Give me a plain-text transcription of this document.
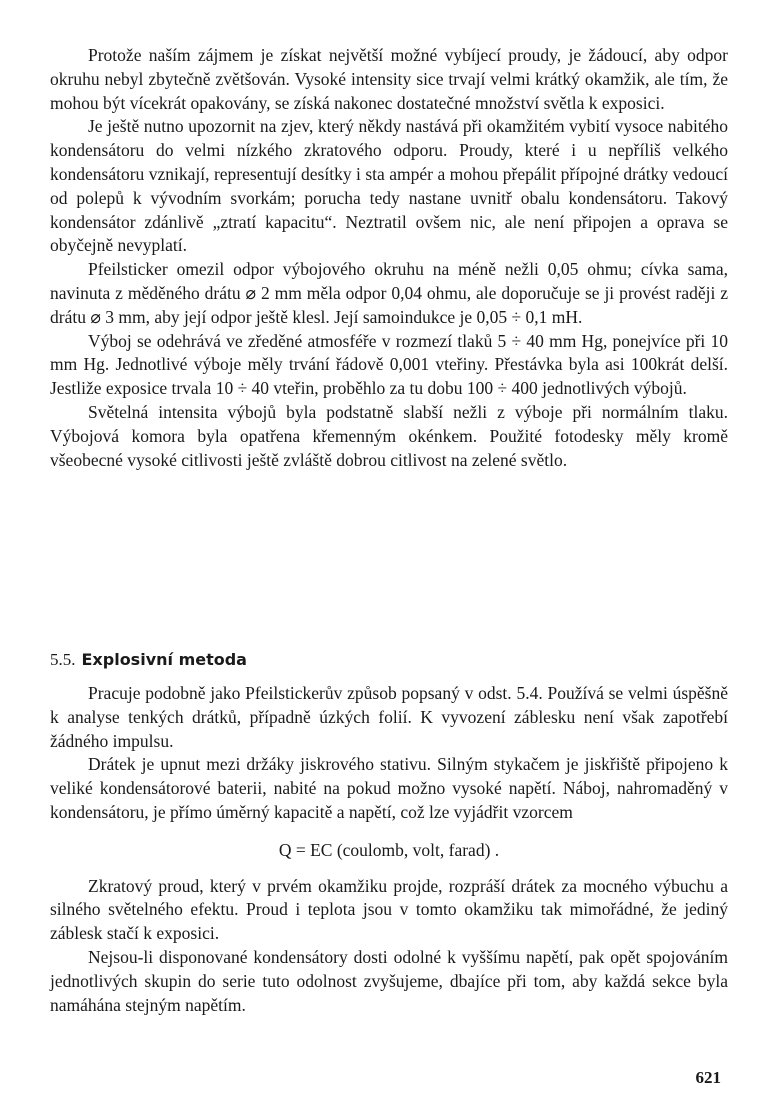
Protože naším zájmem je získat největší možné vybíjecí proudy, je žádoucí, aby odpor okruhu nebyl zbytečně zvětšován. Vysoké intensity sice trvají velmi krátký okamžik, ale tím, že mohou být vícekrát opakovány, se získá nakonec dostatečné množství světla k exposici.

Je ještě nutno upozornit na zjev, který někdy nastává při okamžitém vybití vysoce nabitého kondensátoru do velmi nízkého zkratového odporu. Proudy, které i u nepříliš velkého kondensátoru vznikají, representují desítky i sta ampér a mohou přepálit přípojné drátky vedoucí od polepů k vývodním svorkám; porucha tedy nastane uvnitř obalu kondensátoru. Takový kondensátor zdánlivě „ztratí kapacitu“. Neztratil ovšem nic, ale není připojen a oprava se obyčejně nevyplatí.

Pfeilsticker omezil odpor výbojového okruhu na méně nežli 0,05 ohmu; cívka sama, navinuta z měděného drátu ⌀ 2 mm měla odpor 0,04 ohmu, ale doporučuje se ji provést raději z drátu ⌀ 3 mm, aby její odpor ještě klesl. Její samoindukce je 0,05 ÷ 0,1 mH.

Výboj se odehrává ve zředěné atmosféře v rozmezí tlaků 5 ÷ 40 mm Hg, ponejvíce při 10 mm Hg. Jednotlivé výboje měly trvání řádově 0,001 vteřiny. Přestávka byla asi 100krát delší. Jestliže exposice trvala 10 ÷ 40 vteřin, proběhlo za tu dobu 100 ÷ 400 jednotlivých výbojů.

Světelná intensita výbojů byla podstatně slabší nežli z výboje při normálním tlaku. Výbojová komora byla opatřena křemenným okénkem. Použité fotodesky měly kromě všeobecné vysoké citlivosti ještě zvláště dobrou citlivost na zelené světlo.

5.5. Explosivní metoda

Pracuje podobně jako Pfeilstickerův způsob popsaný v odst. 5.4. Používá se velmi úspěšně k analyse tenkých drátků, případně úzkých folií. K vyvození záblesku není však zapotřebí žádného impulsu.

Drátek je upnut mezi držáky jiskrového stativu. Silným stykačem je jiskřiště připojeno k veliké kondensátorové baterii, nabité na pokud možno vysoké napětí. Náboj, nahromaděný v kondensátoru, je přímo úměrný kapacitě a napětí, což lze vyjádřit vzorcem

Q = EC (coulomb, volt, farad) .

Zkratový proud, který v prvém okamžiku projde, rozpráší drátek za mocného výbuchu a silného světelného efektu. Proud i teplota jsou v tomto okamžiku tak mimořádné, že jediný záblesk stačí k exposici.

Nejsou-li disponované kondensátory dosti odolné k vyššímu napětí, pak opět spojováním jednotlivých skupin do serie tuto odolnost zvyšujeme, dbajíce při tom, aby každá sekce byla namáhána stejným napětím.

621
